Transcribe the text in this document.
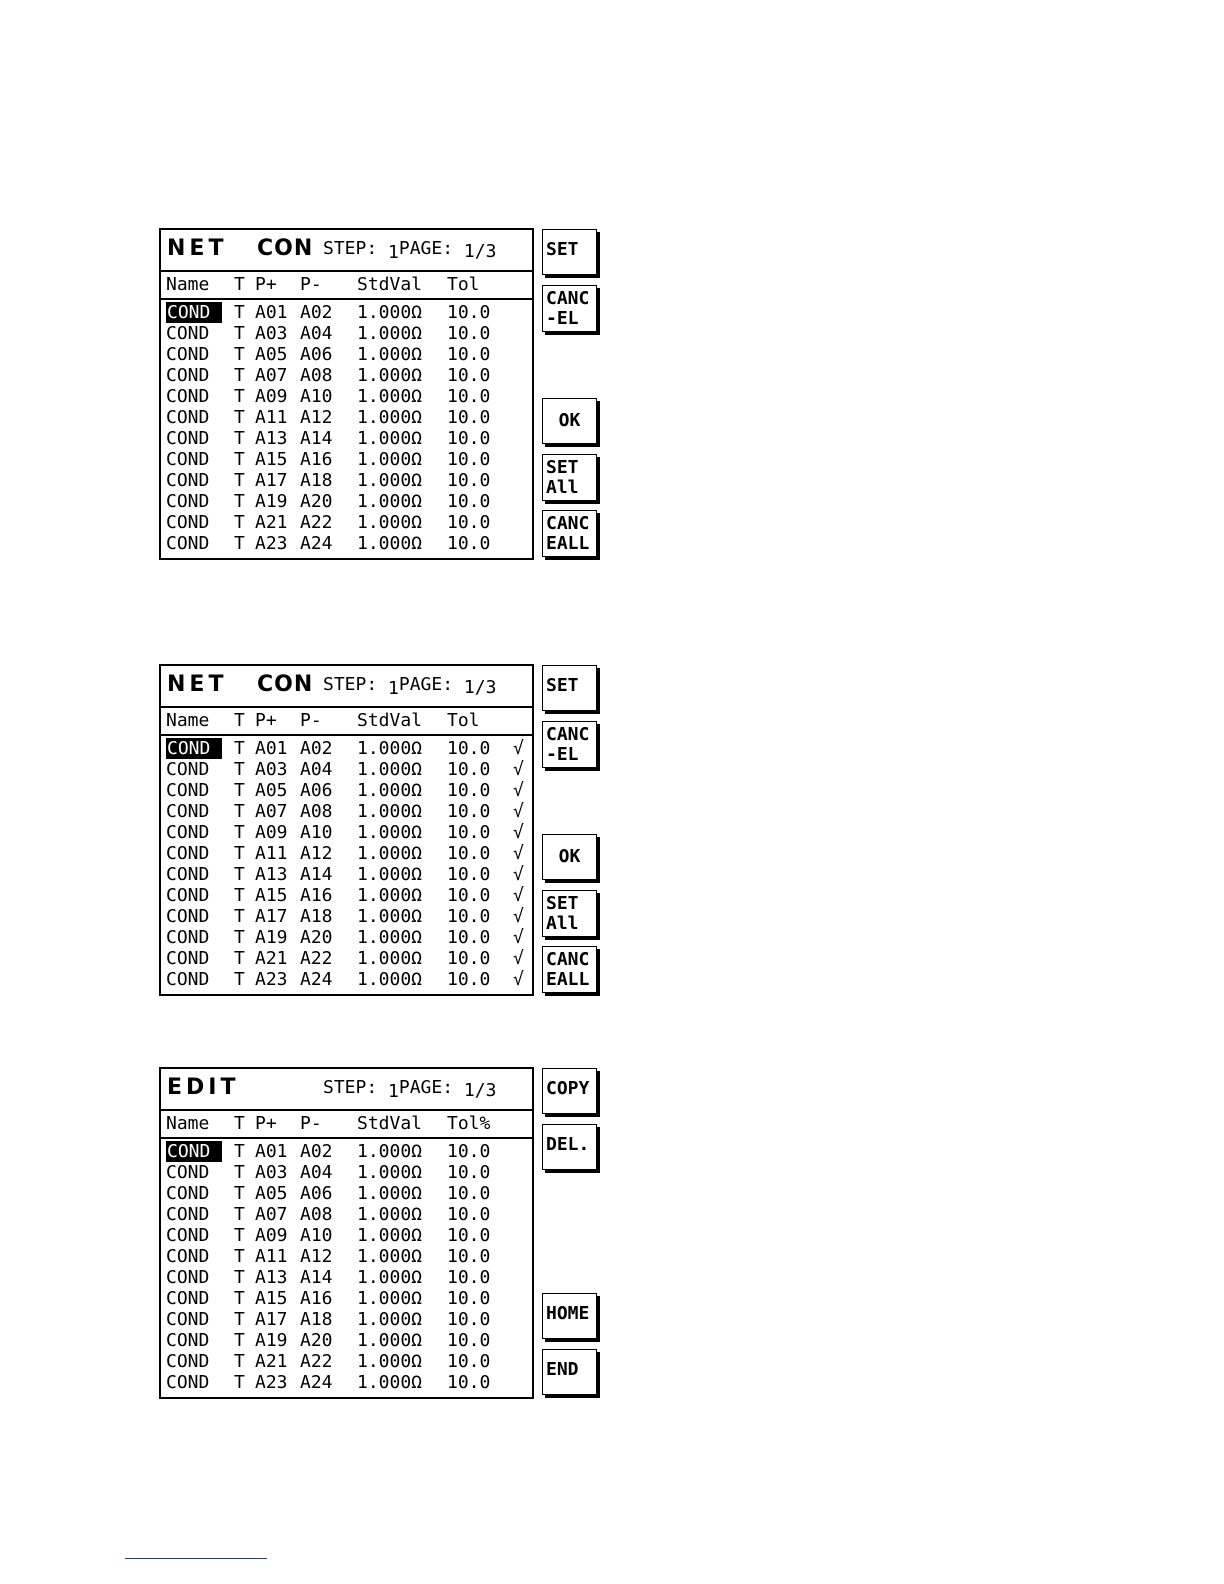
NET CON STEP: 1PAGE: 1/3
Name T P+ P- StdVal Tol
COND	T A01 A02 1.000Ω 10.0
COND T A03 A04 1.000Ω 10.0
COND T A05 A06 1.000Ω 10.0
COND T A07 A08 1.000Ω 10.0
COND T A09 A10 1.000Ω 10.0
COND T A11 A12 1.000Ω 10.0
COND T A13 A14 1.000Ω 10.0
COND T A15 A16 1.000Ω 10.0
COND T A17 A18 1.000Ω 10.0
COND T A19 A20 1.000Ω 10.0
COND T A21 A22 1.000Ω 10.0
COND T A23 A24 1.000Ω 10.0
SET
CANC
-EL
OK
SET
All
CANC
EALL
NET CON STEP: 1PAGE: 1/3
Name T P+ P- StdVal Tol
COND	T A01 A02 1.000Ω 10.0 √
COND T A03 A04 1.000Ω 10.0 √
COND T A05 A06 1.000Ω 10.0 √
COND T A07 A08 1.000Ω 10.0 √
COND T A09 A10 1.000Ω 10.0 √
COND T A11 A12 1.000Ω 10.0 √
COND T A13 A14 1.000Ω 10.0 √
COND T A15 A16 1.000Ω 10.0 √
COND T A17 A18 1.000Ω 10.0 √
COND T A19 A20 1.000Ω 10.0 √
COND T A21 A22 1.000Ω 10.0 √
COND T A23 A24 1.000Ω 10.0 √
SET
CANC
-EL
OK
SET
All
CANC
EALL
EDIT	STEP: 1PAGE: 1/3
Name T P+ P- StdVal Tol%
COND	T A01 A02 1.000Ω 10.0
COND T A03 A04 1.000Ω 10.0
COND T A05 A06 1.000Ω 10.0
COND T A07 A08 1.000Ω 10.0
COND T A09 A10 1.000Ω 10.0
COND T A11 A12 1.000Ω 10.0
COND T A13 A14 1.000Ω 10.0
COND T A15 A16 1.000Ω 10.0
COND T A17 A18 1.000Ω 10.0
COND T A19 A20 1.000Ω 10.0
COND T A21 A22 1.000Ω 10.0
COND T A23 A24 1.000Ω 10.0
COPY
DEL.
HOME
END
